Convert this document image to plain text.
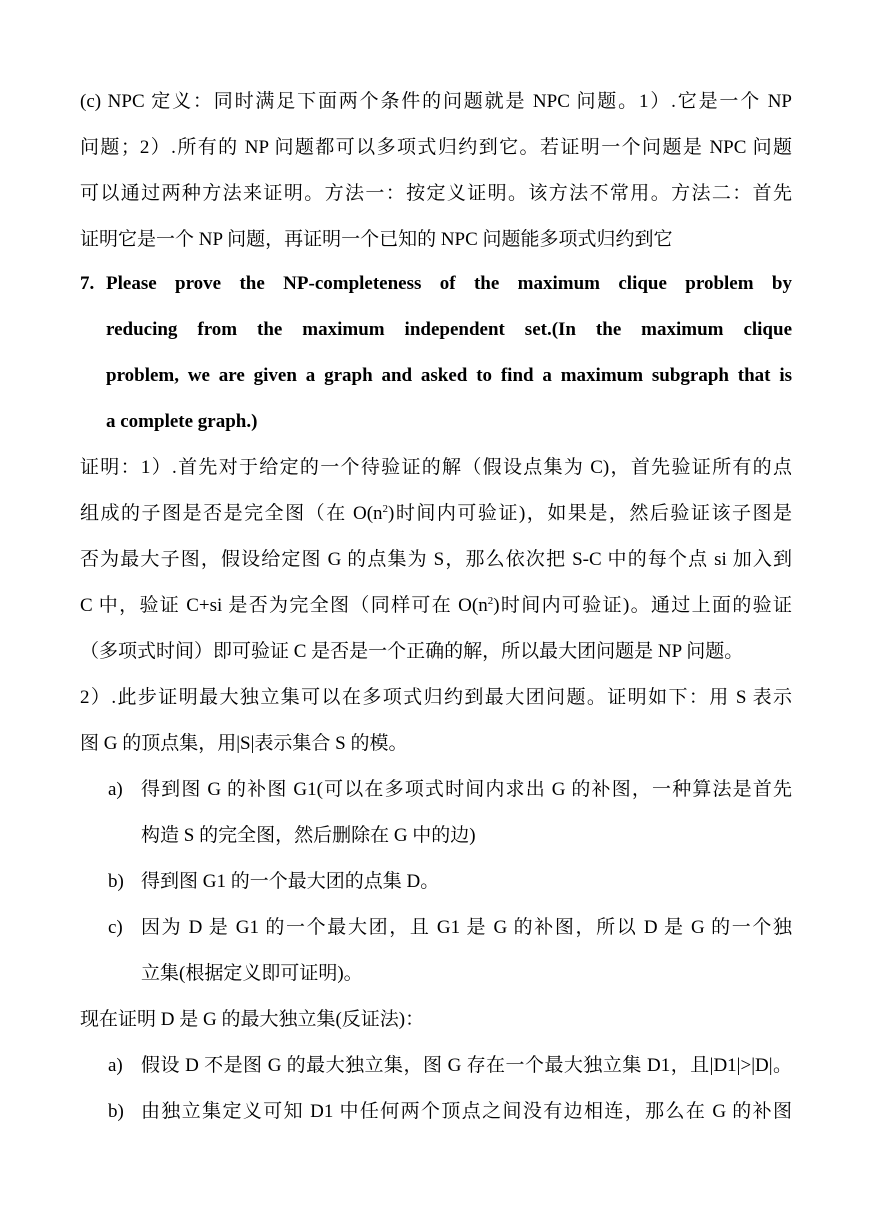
(c) NPC 定义：同时满足下面两个条件的问题就是 NPC 问题。1）.它是一个 NP
问题；2）.所有的 NP 问题都可以多项式归约到它。若证明一个问题是 NPC 问题
可以通过两种方法来证明。方法一：按定义证明。该方法不常用。方法二：首先
证明它是一个 NP 问题，再证明一个已知的 NPC 问题能多项式归约到它
7. Please prove the NP-completeness of the maximum clique problem by
reducing from the maximum independent set.(In the maximum clique
problem, we are given a graph and asked to find a maximum subgraph that is
a complete graph.)
证明：1）.首先对于给定的一个待验证的解（假设点集为 C)，首先验证所有的点
组成的子图是否是完全图（在 $O(n^2)$时间内可验证)，如果是，然后验证该子图是
否为最大子图，假设给定图 G 的点集为 S，那么依次把 S-C 中的每个点 si 加入到
C 中，验证 C+si 是否为完全图（同样可在 $O(n^2)$时间内可验证)。通过上面的验证
（多项式时间）即可验证 C 是否是一个正确的解，所以最大团问题是 NP 问题。
2）.此步证明最大独立集可以在多项式归约到最大团问题。证明如下：用 S 表示
图 G 的顶点集，用|S|表示集合 S 的模。
a) 得到图 G 的补图 G1(可以在多项式时间内求出 G 的补图，一种算法是首先
构造 S 的完全图，然后删除在 G 中的边)
b) 得到图 G1 的一个最大团的点集 D。
c) 因为 D 是 G1 的一个最大团，且 G1 是 G 的补图，所以 D 是 G 的一个独
立集(根据定义即可证明)。
现在证明 D 是 G 的最大独立集(反证法)：
a) 假设 D 不是图 G 的最大独立集，图 G 存在一个最大独立集 D1，且|D1|>|D|。
b) 由独立集定义可知 D1 中任何两个顶点之间没有边相连，那么在 G 的补图
